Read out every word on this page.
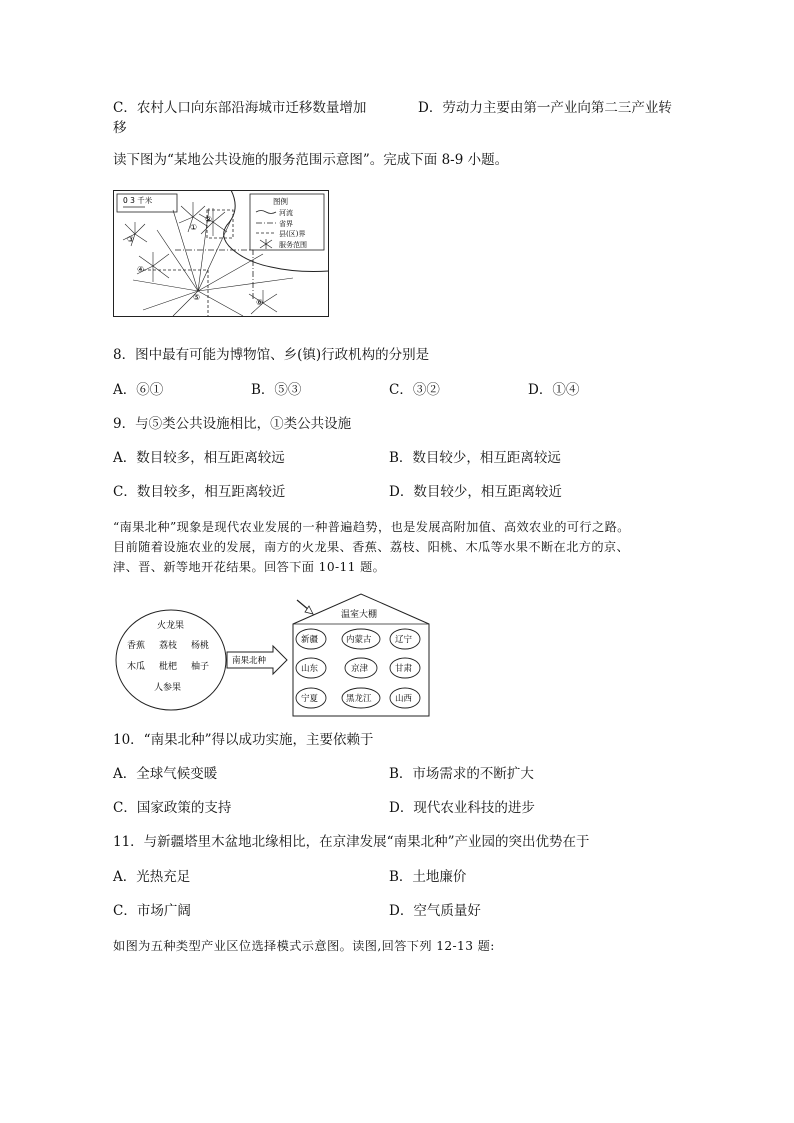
C．农村人口向东部沿海城市迁移数量增加	D．劳动力主要由第一产业向第二三产业转
移
读下图为“某地公共设施的服务范围示意图”。完成下面 8-9 小题。
0 3 千米	图例
河流
省界
县(区)界
服务范围
①
②
③
④
⑤
⑥
8．图中最有可能为博物馆、乡(镇)行政机构的分别是
A．⑥①	B．⑤③	C．③②	D．①④
9．与⑤类公共设施相比，①类公共设施
A．数目较多，相互距离较远	B．数目较少，相互距离较远
C．数目较多，相互距离较近	D．数目较少，相互距离较近
“南果北种”现象是现代农业发展的一种普遍趋势，也是发展高附加值、高效农业的可行之路。
目前随着设施农业的发展，南方的火龙果、香蕉、荔枝、阳桃、木瓜等水果不断在北方的京、
津、晋、新等地开花结果。回答下面 10-11 题。
火龙果
香蕉 荔枝 杨桃
木瓜 枇杷 柚子
人参果
南果北种
温室大棚
新疆	内蒙古	辽宁
山东	京津	甘肃
宁夏	黑龙江	山西
10．“南果北种”得以成功实施，主要依赖于
A．全球气候变暖	B．市场需求的不断扩大
C．国家政策的支持	D．现代农业科技的进步
11．与新疆塔里木盆地北缘相比，在京津发展“南果北种”产业园的突出优势在于
A．光热充足	B．土地廉价
C．市场广阔	D．空气质量好
如图为五种类型产业区位选择模式示意图。读图,回答下列 12-13 题:
